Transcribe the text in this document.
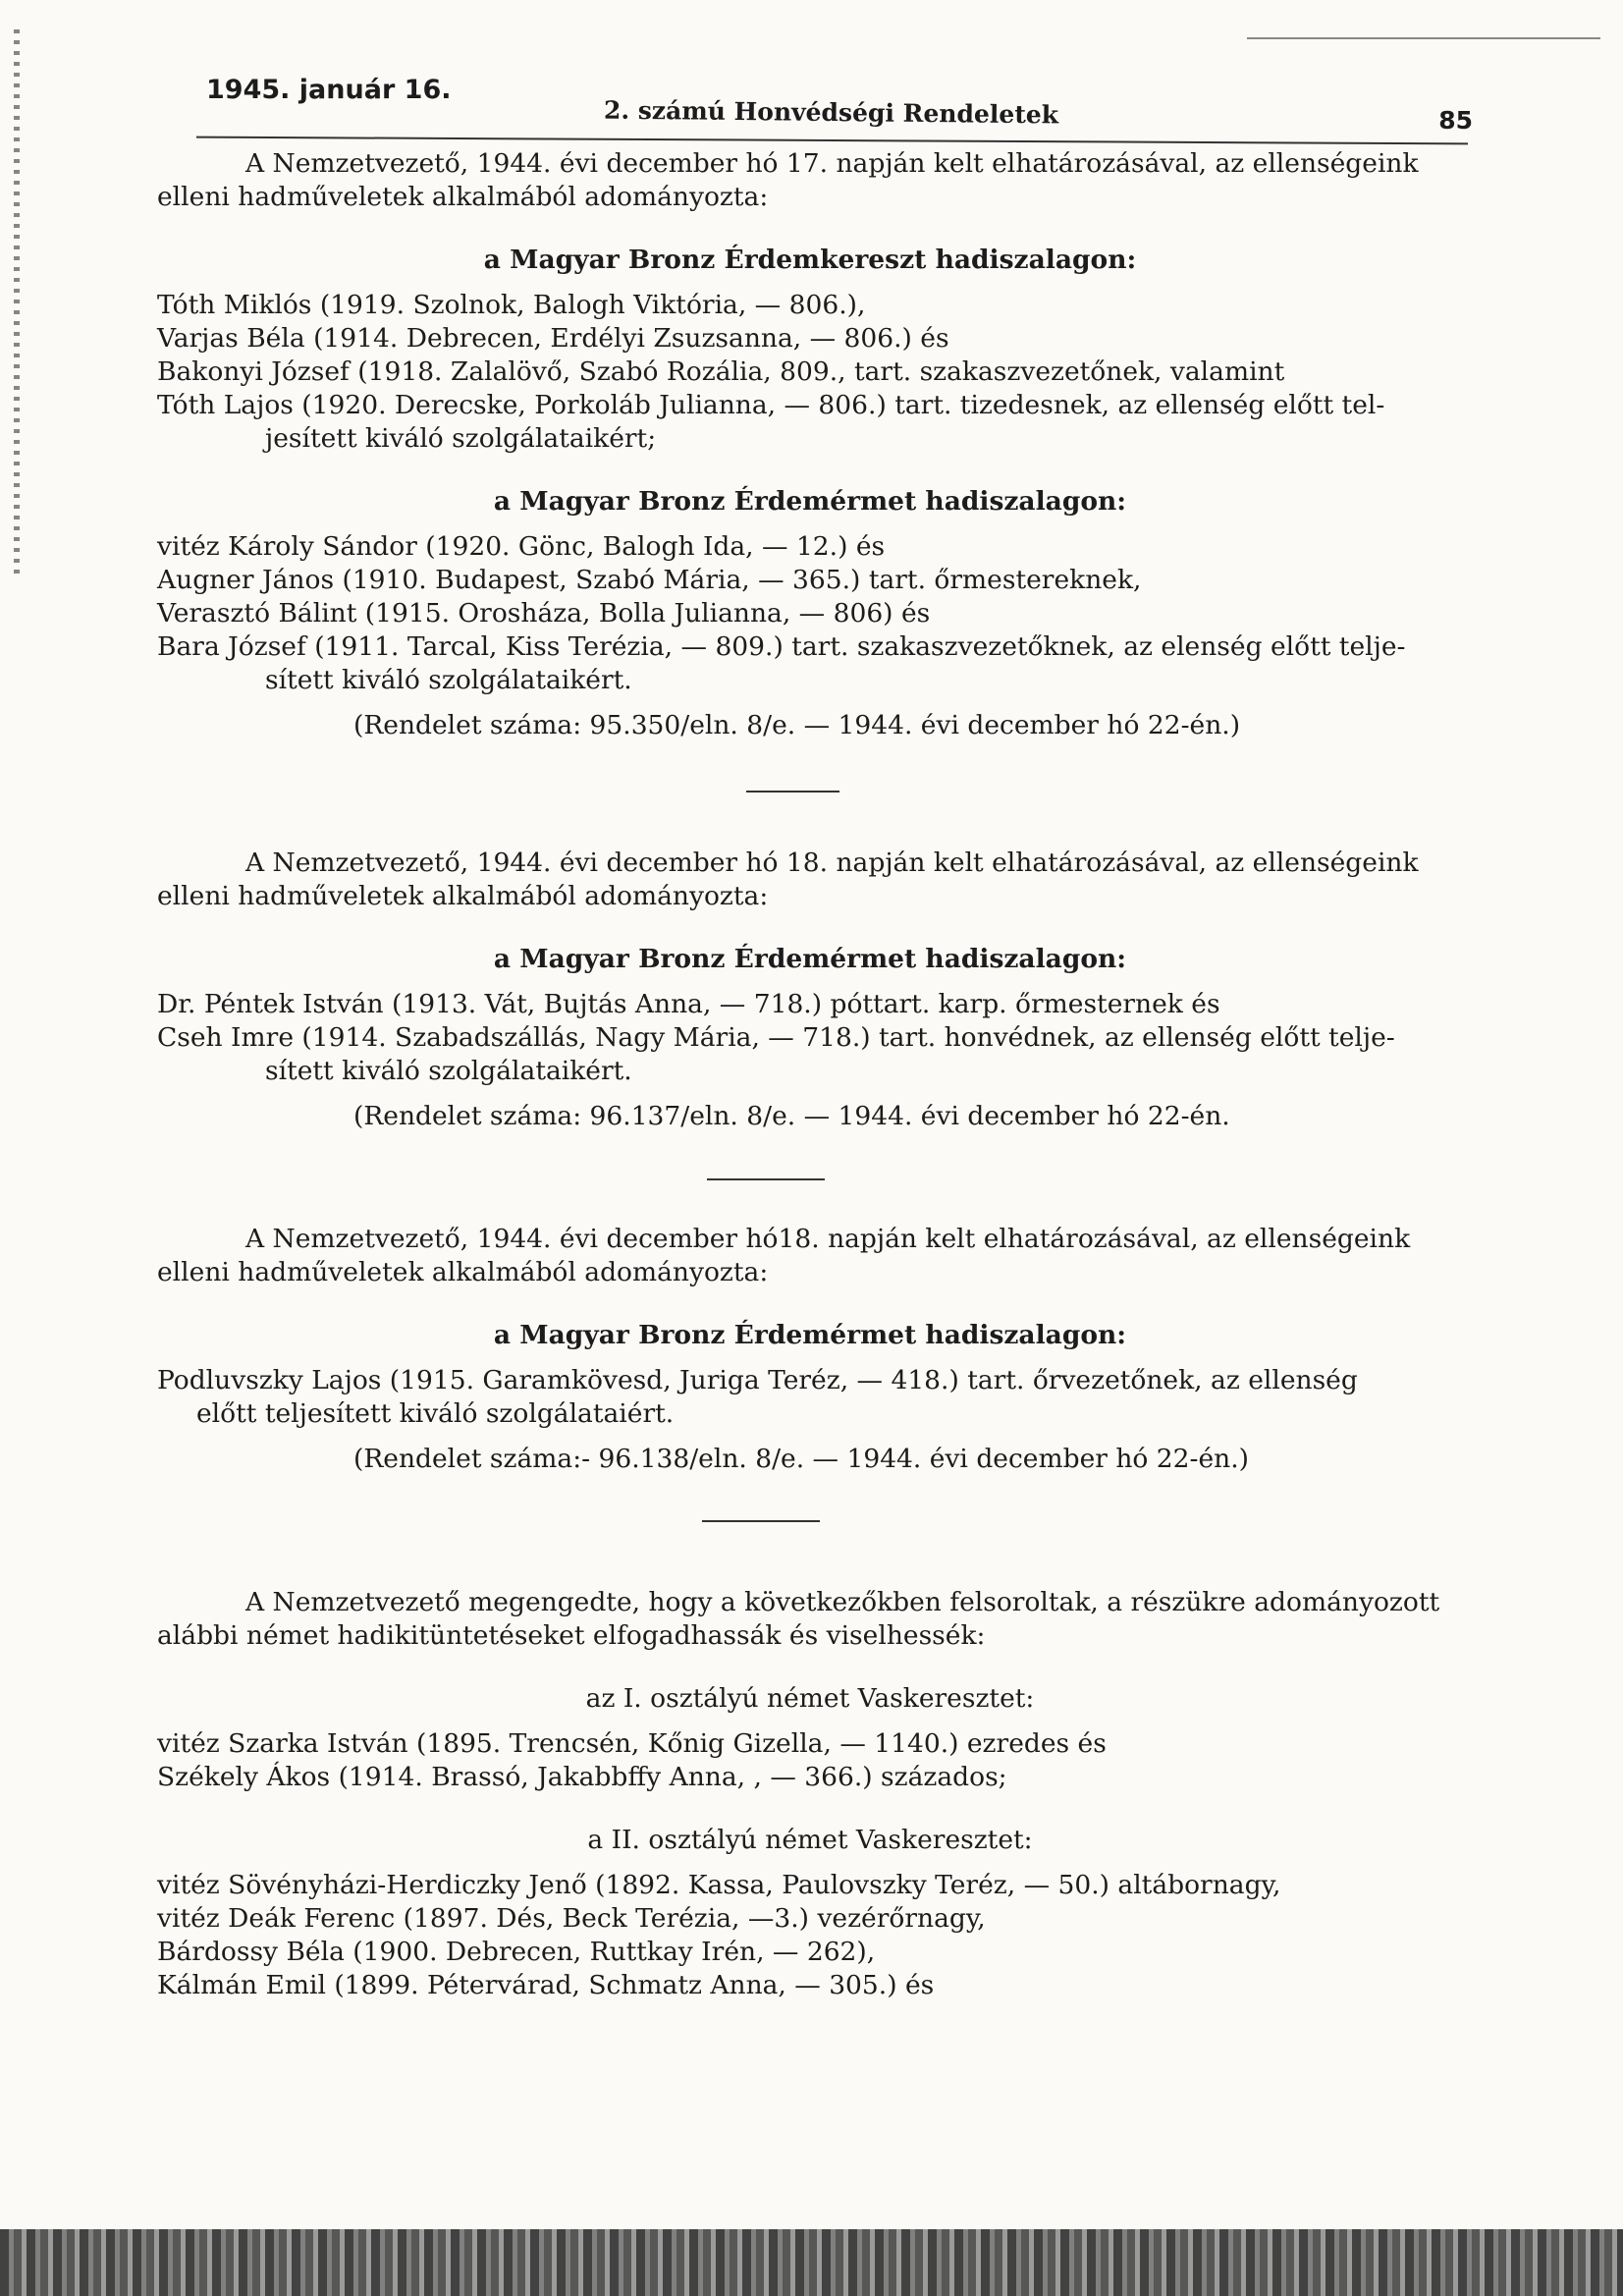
1945. január 16.
2. számú Honvédségi Rendeletek	85

A Nemzetvezető, 1944. évi december hó 17. napján kelt elhatározásával, az ellenségeink elleni hadműveletek alkalmából adományozta:

a Magyar Bronz Érdemkereszt hadiszalagon:

Tóth Miklós (1919. Szolnok, Balogh Viktória, — 806.),

Varjas Béla (1914. Debrecen, Erdélyi Zsuzsanna, — 806.) és

Bakonyi József (1918. Zalalövő, Szabó Rozália, 809., tart. szakaszvezetőnek, valamint

Tóth Lajos (1920. Derecske, Porkoláb Julianna, — 806.) tart. tizedesnek, az ellenség előtt tel-

jesített kiváló szolgálataikért;

a Magyar Bronz Érdemérmet hadiszalagon:

vitéz Károly Sándor (1920. Gönc, Balogh Ida, — 12.) és

Augner János (1910. Budapest, Szabó Mária, — 365.) tart. őrmestereknek,

Verasztó Bálint (1915. Orosháza, Bolla Julianna, — 806) és

Bara József (1911. Tarcal, Kiss Terézia, — 809.) tart. szakaszvezetőknek, az elenség előtt telje-

sített kiváló szolgálataikért.

(Rendelet száma: 95.350/eln. 8/e. — 1944. évi december hó 22-én.)

A Nemzetvezető, 1944. évi december hó 18. napján kelt elhatározásával, az ellenségeink elleni hadműveletek alkalmából adományozta:

a Magyar Bronz Érdemérmet hadiszalagon:

Dr. Péntek István (1913. Vát, Bujtás Anna, — 718.) póttart. karp. őrmesternek és

Cseh Imre (1914. Szabadszállás, Nagy Mária, — 718.) tart. honvédnek, az ellenség előtt telje-

sített kiváló szolgálataikért.

(Rendelet száma: 96.137/eln. 8/e. — 1944. évi december hó 22-én.

A Nemzetvezető, 1944. évi december hó18. napján kelt elhatározásával, az ellenségeink elleni hadműveletek alkalmából adományozta:

a Magyar Bronz Érdemérmet hadiszalagon:

Podluvszky Lajos (1915. Garamkövesd, Juriga Teréz, — 418.) tart. őrvezetőnek, az ellenség

előtt teljesített kiváló szolgálataiért.

(Rendelet száma:- 96.138/eln. 8/e. — 1944. évi december hó 22-én.)

A Nemzetvezető megengedte, hogy a következőkben felsoroltak, a részükre adományozott alábbi német hadikitüntetéseket elfogadhassák és viselhessék:

az I. osztályú német Vaskeresztet:

vitéz Szarka István (1895. Trencsén, Kőnig Gizella, — 1140.) ezredes és

Székely Ákos (1914. Brassó, Jakabbffy Anna, , — 366.) százados;

a II. osztályú német Vaskeresztet:

vitéz Sövényházi-Herdiczky Jenő (1892. Kassa, Paulovszky Teréz, — 50.) altábornagy,

vitéz Deák Ferenc (1897. Dés, Beck Terézia, —3.) vezérőrnagy,

Bárdossy Béla (1900. Debrecen, Ruttkay Irén, — 262),

Kálmán Emil (1899. Pétervárad, Schmatz Anna, — 305.) és
